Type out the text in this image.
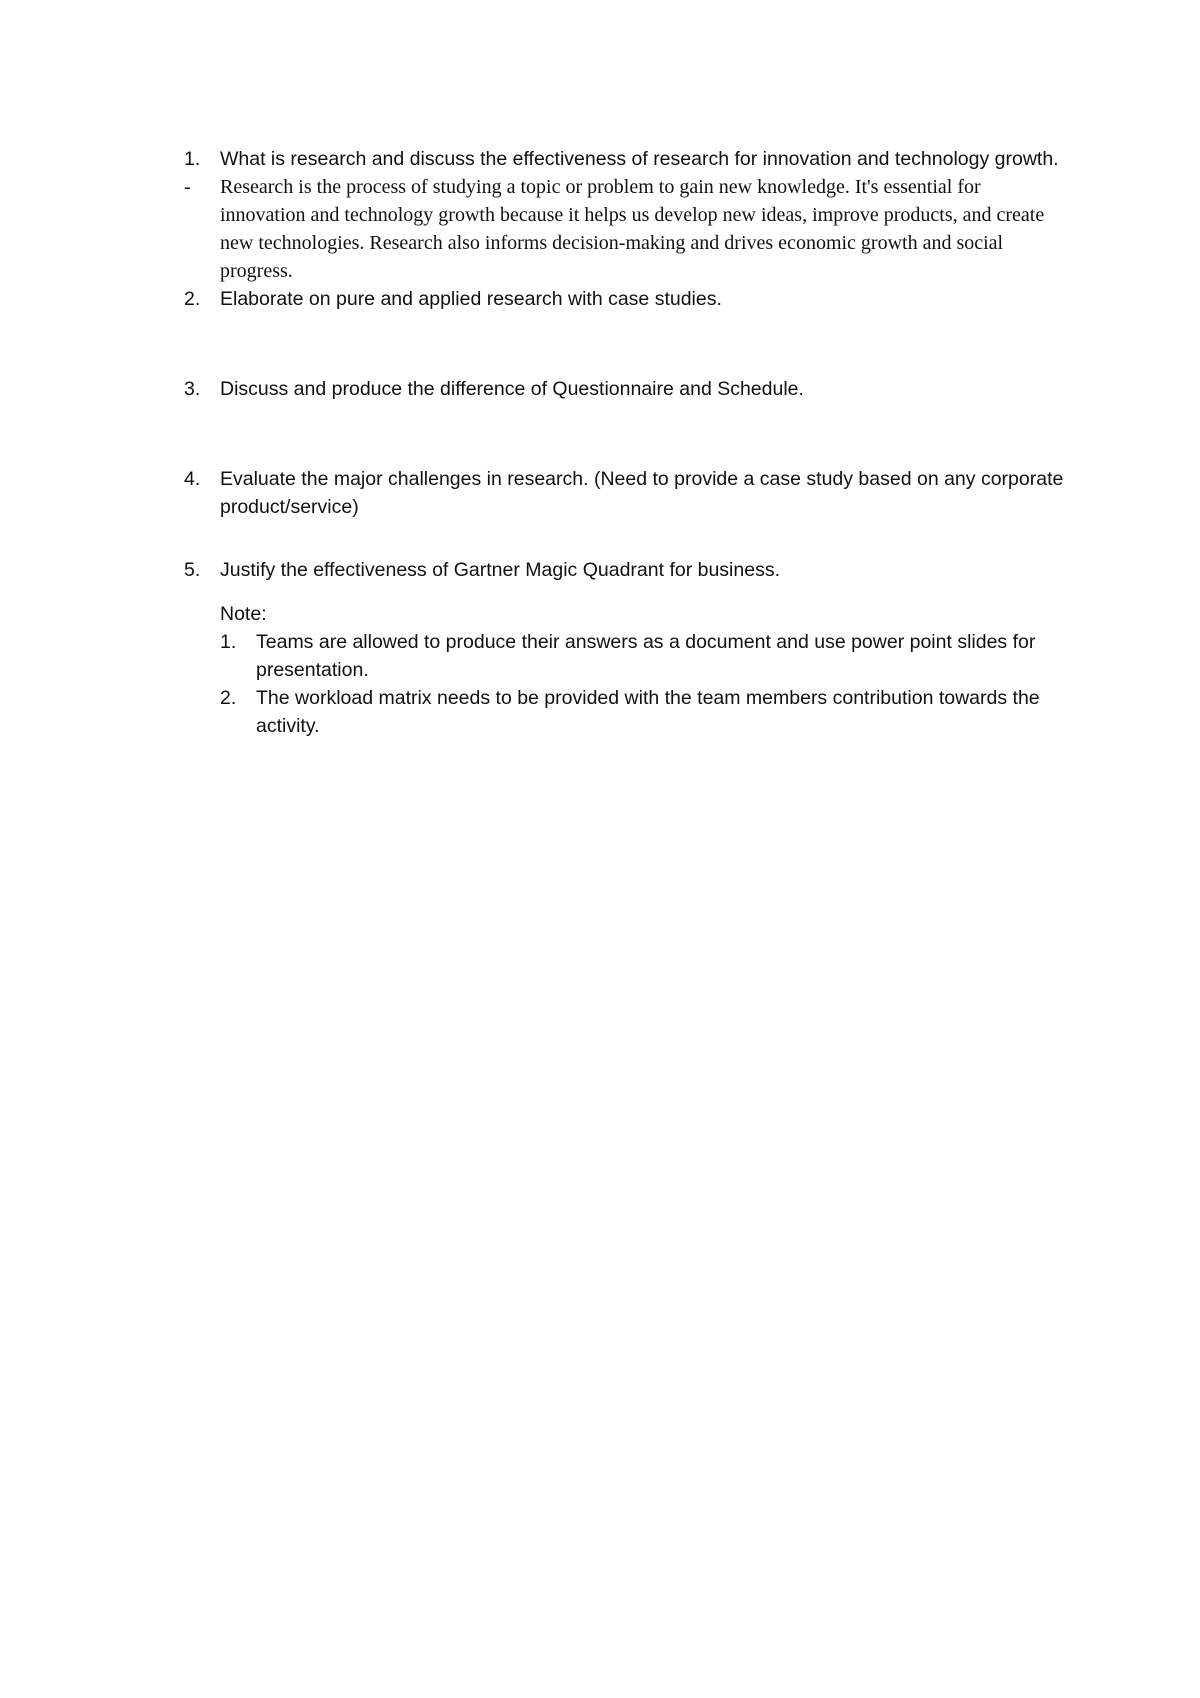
1.	What is research and discuss the effectiveness of research for innovation and technology growth.
-	Research is the process of studying a topic or problem to gain new knowledge. It's essential for innovation and technology growth because it helps us develop new ideas, improve products, and create new technologies. Research also informs decision-making and drives economic growth and social progress.
2.	Elaborate on pure and applied research with case studies.
3.	Discuss and produce the difference of Questionnaire and Schedule.
4.	Evaluate the major challenges in research. (Need to provide a case study based on any corporate product/service)
5.	Justify the effectiveness of Gartner Magic Quadrant for business.
Note:
1.	Teams are allowed to produce their answers as a document and use power point slides for presentation.
2.	The workload matrix needs to be provided with the team members contribution towards the activity.
